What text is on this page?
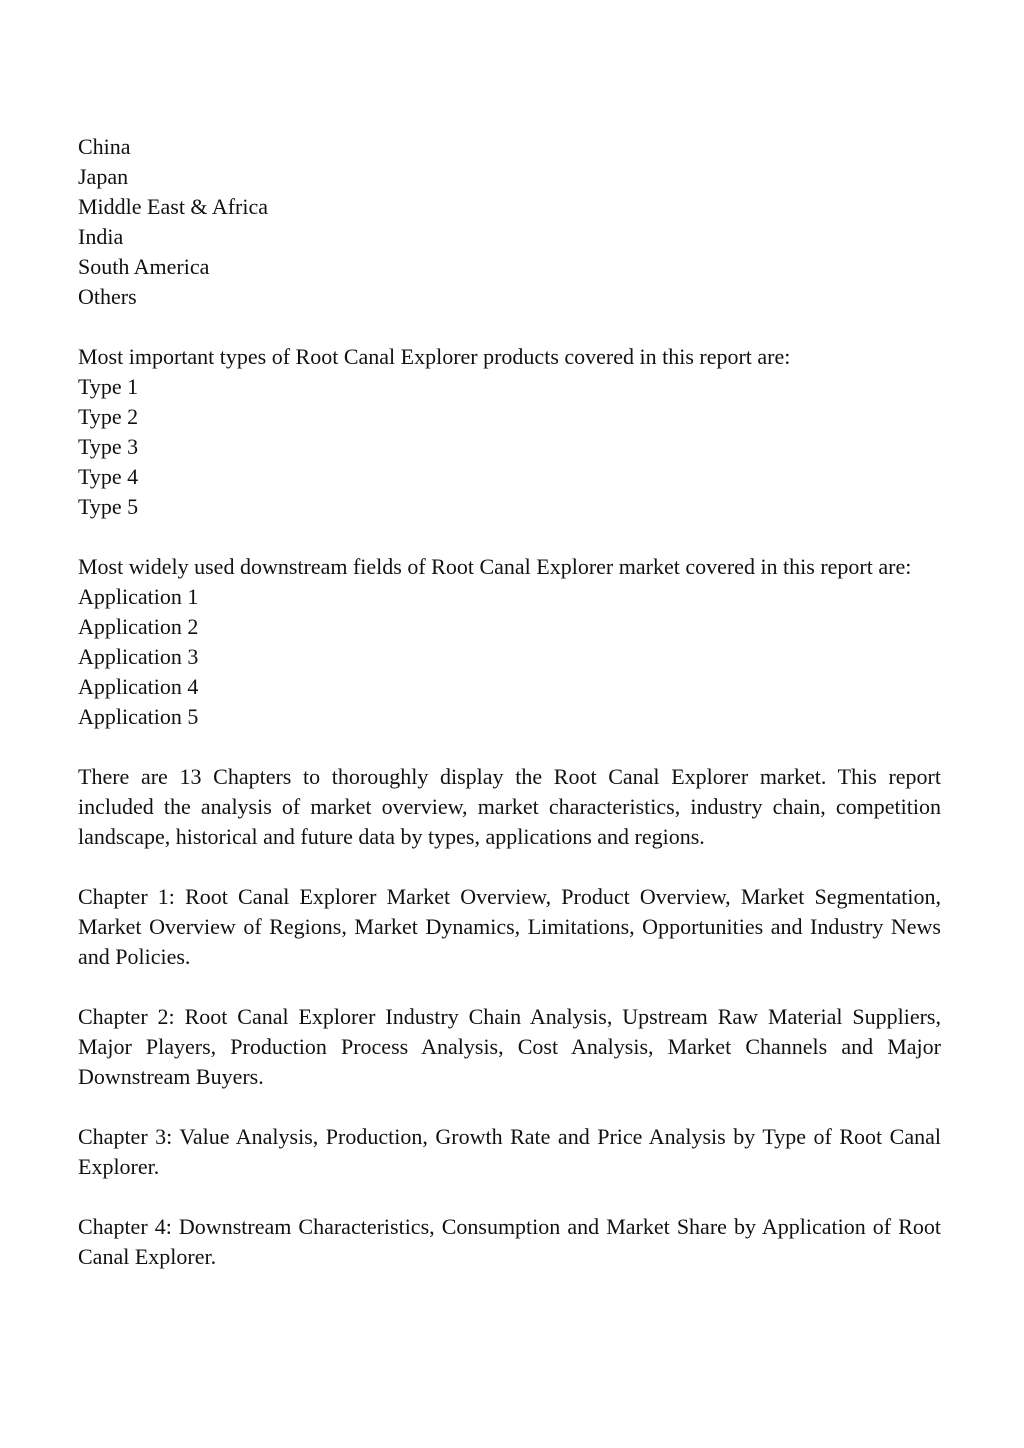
China
Japan
Middle East & Africa
India
South America
Others
Most important types of Root Canal Explorer products covered in this report are:
Type 1
Type 2
Type 3
Type 4
Type 5
Most widely used downstream fields of Root Canal Explorer market covered in this report are:
Application 1
Application 2
Application 3
Application 4
Application 5
There are 13 Chapters to thoroughly display the Root Canal Explorer market. This report included the analysis of market overview, market characteristics, industry chain, competition landscape, historical and future data by types, applications and regions.
Chapter 1: Root Canal Explorer Market Overview, Product Overview, Market Segmentation, Market Overview of Regions, Market Dynamics, Limitations, Opportunities and Industry News and Policies.
Chapter 2: Root Canal Explorer Industry Chain Analysis, Upstream Raw Material Suppliers, Major Players, Production Process Analysis, Cost Analysis, Market Channels and Major Downstream Buyers.
Chapter 3: Value Analysis, Production, Growth Rate and Price Analysis by Type of Root Canal Explorer.
Chapter 4: Downstream Characteristics, Consumption and Market Share by Application of Root Canal Explorer.
